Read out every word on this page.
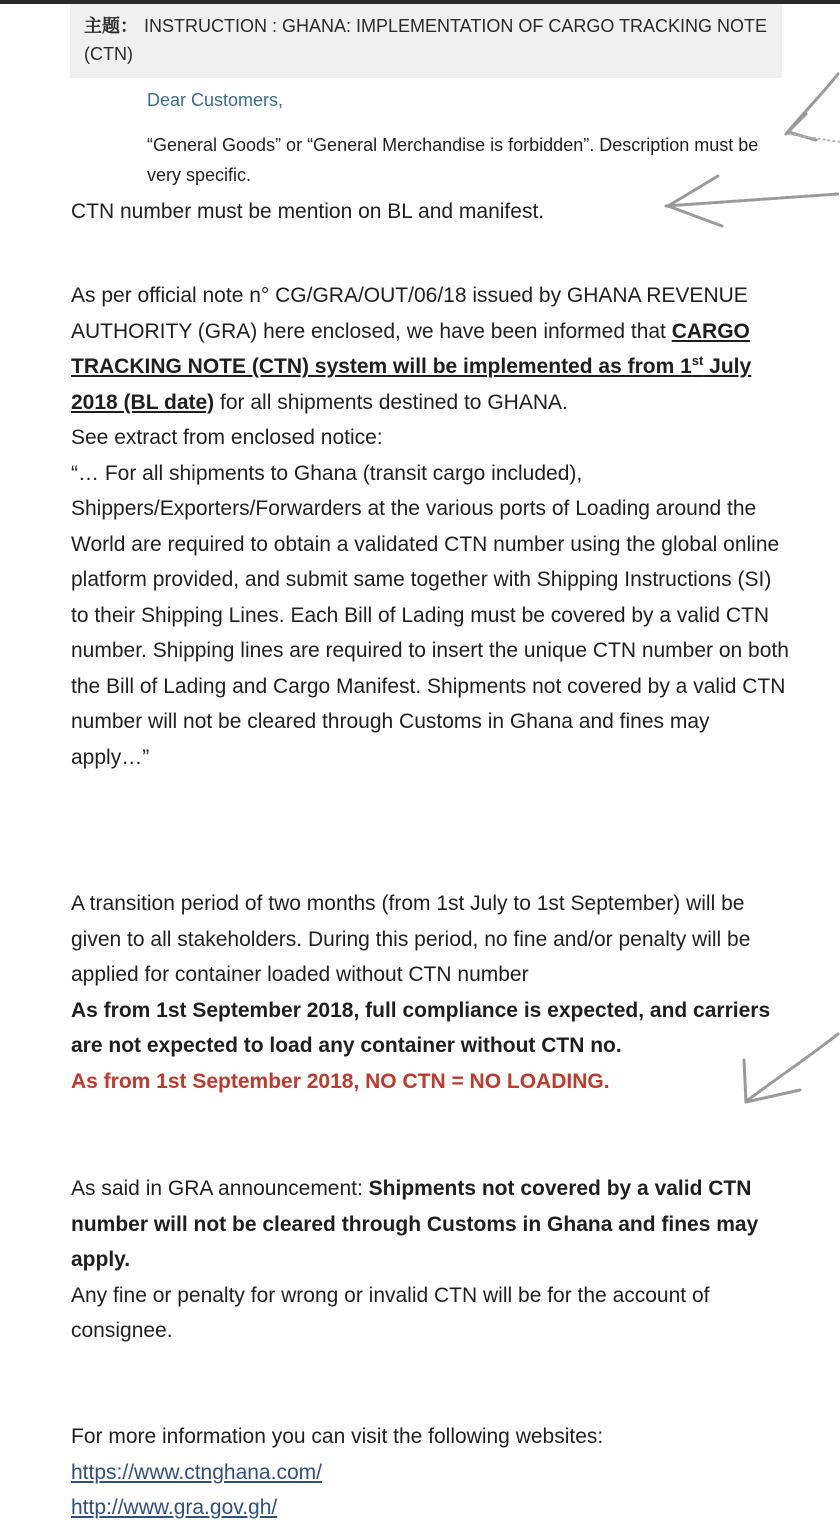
主题： INSTRUCTION : GHANA: IMPLEMENTATION OF CARGO TRACKING NOTE (CTN)
Dear Customers,
“General Goods” or “General Merchandise is forbidden”. Description must be very specific.
CTN number must be mention on BL and manifest.
As per official note n° CG/GRA/OUT/06/18 issued by GHANA REVENUE AUTHORITY (GRA) here enclosed, we have been informed that CARGO TRACKING NOTE (CTN) system will be implemented as from 1st July 2018 (BL date) for all shipments destined to GHANA.
See extract from enclosed notice:
“… For all shipments to Ghana (transit cargo included), Shippers/Exporters/Forwarders at the various ports of Loading around the World are required to obtain a validated CTN number using the global online platform provided, and submit same together with Shipping Instructions (SI) to their Shipping Lines. Each Bill of Lading must be covered by a valid CTN number. Shipping lines are required to insert the unique CTN number on both the Bill of Lading and Cargo Manifest. Shipments not covered by a valid CTN number will not be cleared through Customs in Ghana and fines may apply…”
A transition period of two months (from 1st July to 1st September) will be given to all stakeholders. During this period, no fine and/or penalty will be applied for container loaded without CTN number
As from 1st September 2018, full compliance is expected, and carriers are not expected to load any container without CTN no.
As from 1st September 2018, NO CTN = NO LOADING.
As said in GRA announcement: Shipments not covered by a valid CTN number will not be cleared through Customs in Ghana and fines may apply.
Any fine or penalty for wrong or invalid CTN will be for the account of consignee.
For more information you can visit the following websites:
https://www.ctnghana.com/
http://www.gra.gov.gh/
